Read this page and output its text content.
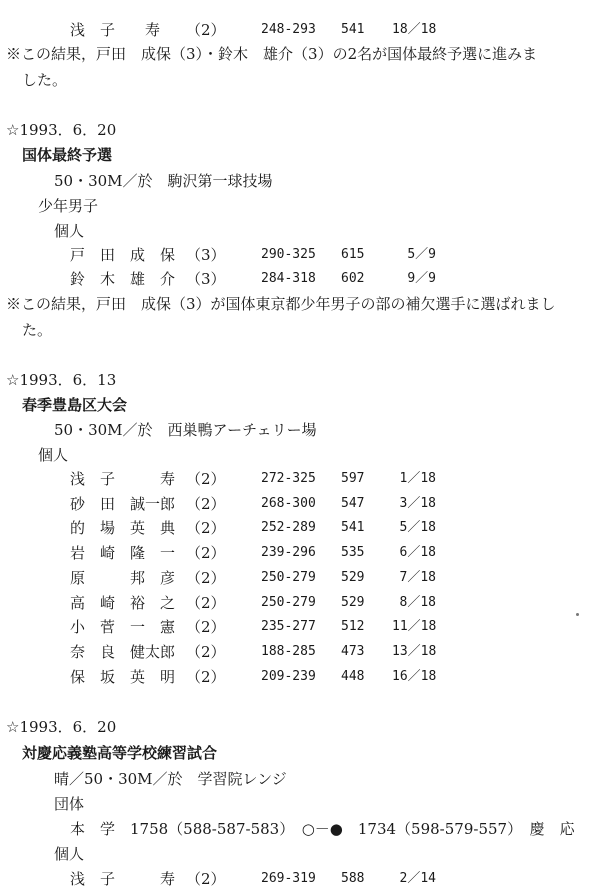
浅　子　　寿 （2）	248-293 541 18／18
※この結果，戸田　成保（3）・鈴木　雄介（3）の2名が国体最終予選に進みま
した。
☆1993．6．20
国体最終予選
50・30M／於　駒沢第一球技場
少年男子
個人
戸　田　成　保 （3）	290-325 615	5／9
鈴　木　雄　介 （3）	284-318 602	9／9
※この結果，戸田　成保（3）が国体東京都少年男子の部の補欠選手に選ばれまし
た。
☆1993．6．13
春季豊島区大会
50・30M／於　西巣鴨アーチェリー場
個人
浅　子　　　寿 （2）	272-325 597	1／18
砂　田　誠一郎 （2）	268-300 547	3／18
的　場　英　典 （2）	252-289 541	5／18
岩　崎　隆　一 （2）	239-296 535	6／18
原　　　邦　彦 （2）	250-279 529	7／18
高　崎　裕　之 （2）	250-279 529	8／18
小　菅　一　憲 （2）	235-277 512 11／18
奈　良　健太郎 （2）	188-285 473 13／18
保　坂　英　明 （2）	209-239 448 16／18
☆1993．6．20
対慶応義塾高等学校練習試合
晴／50・30M／於　学習院レンジ
団体
本　学　1758（588-587-583）　○－●　1734（598-579-557）　慶　応
個人
浅　子　　　寿 （2）	269-319 588	2／14
